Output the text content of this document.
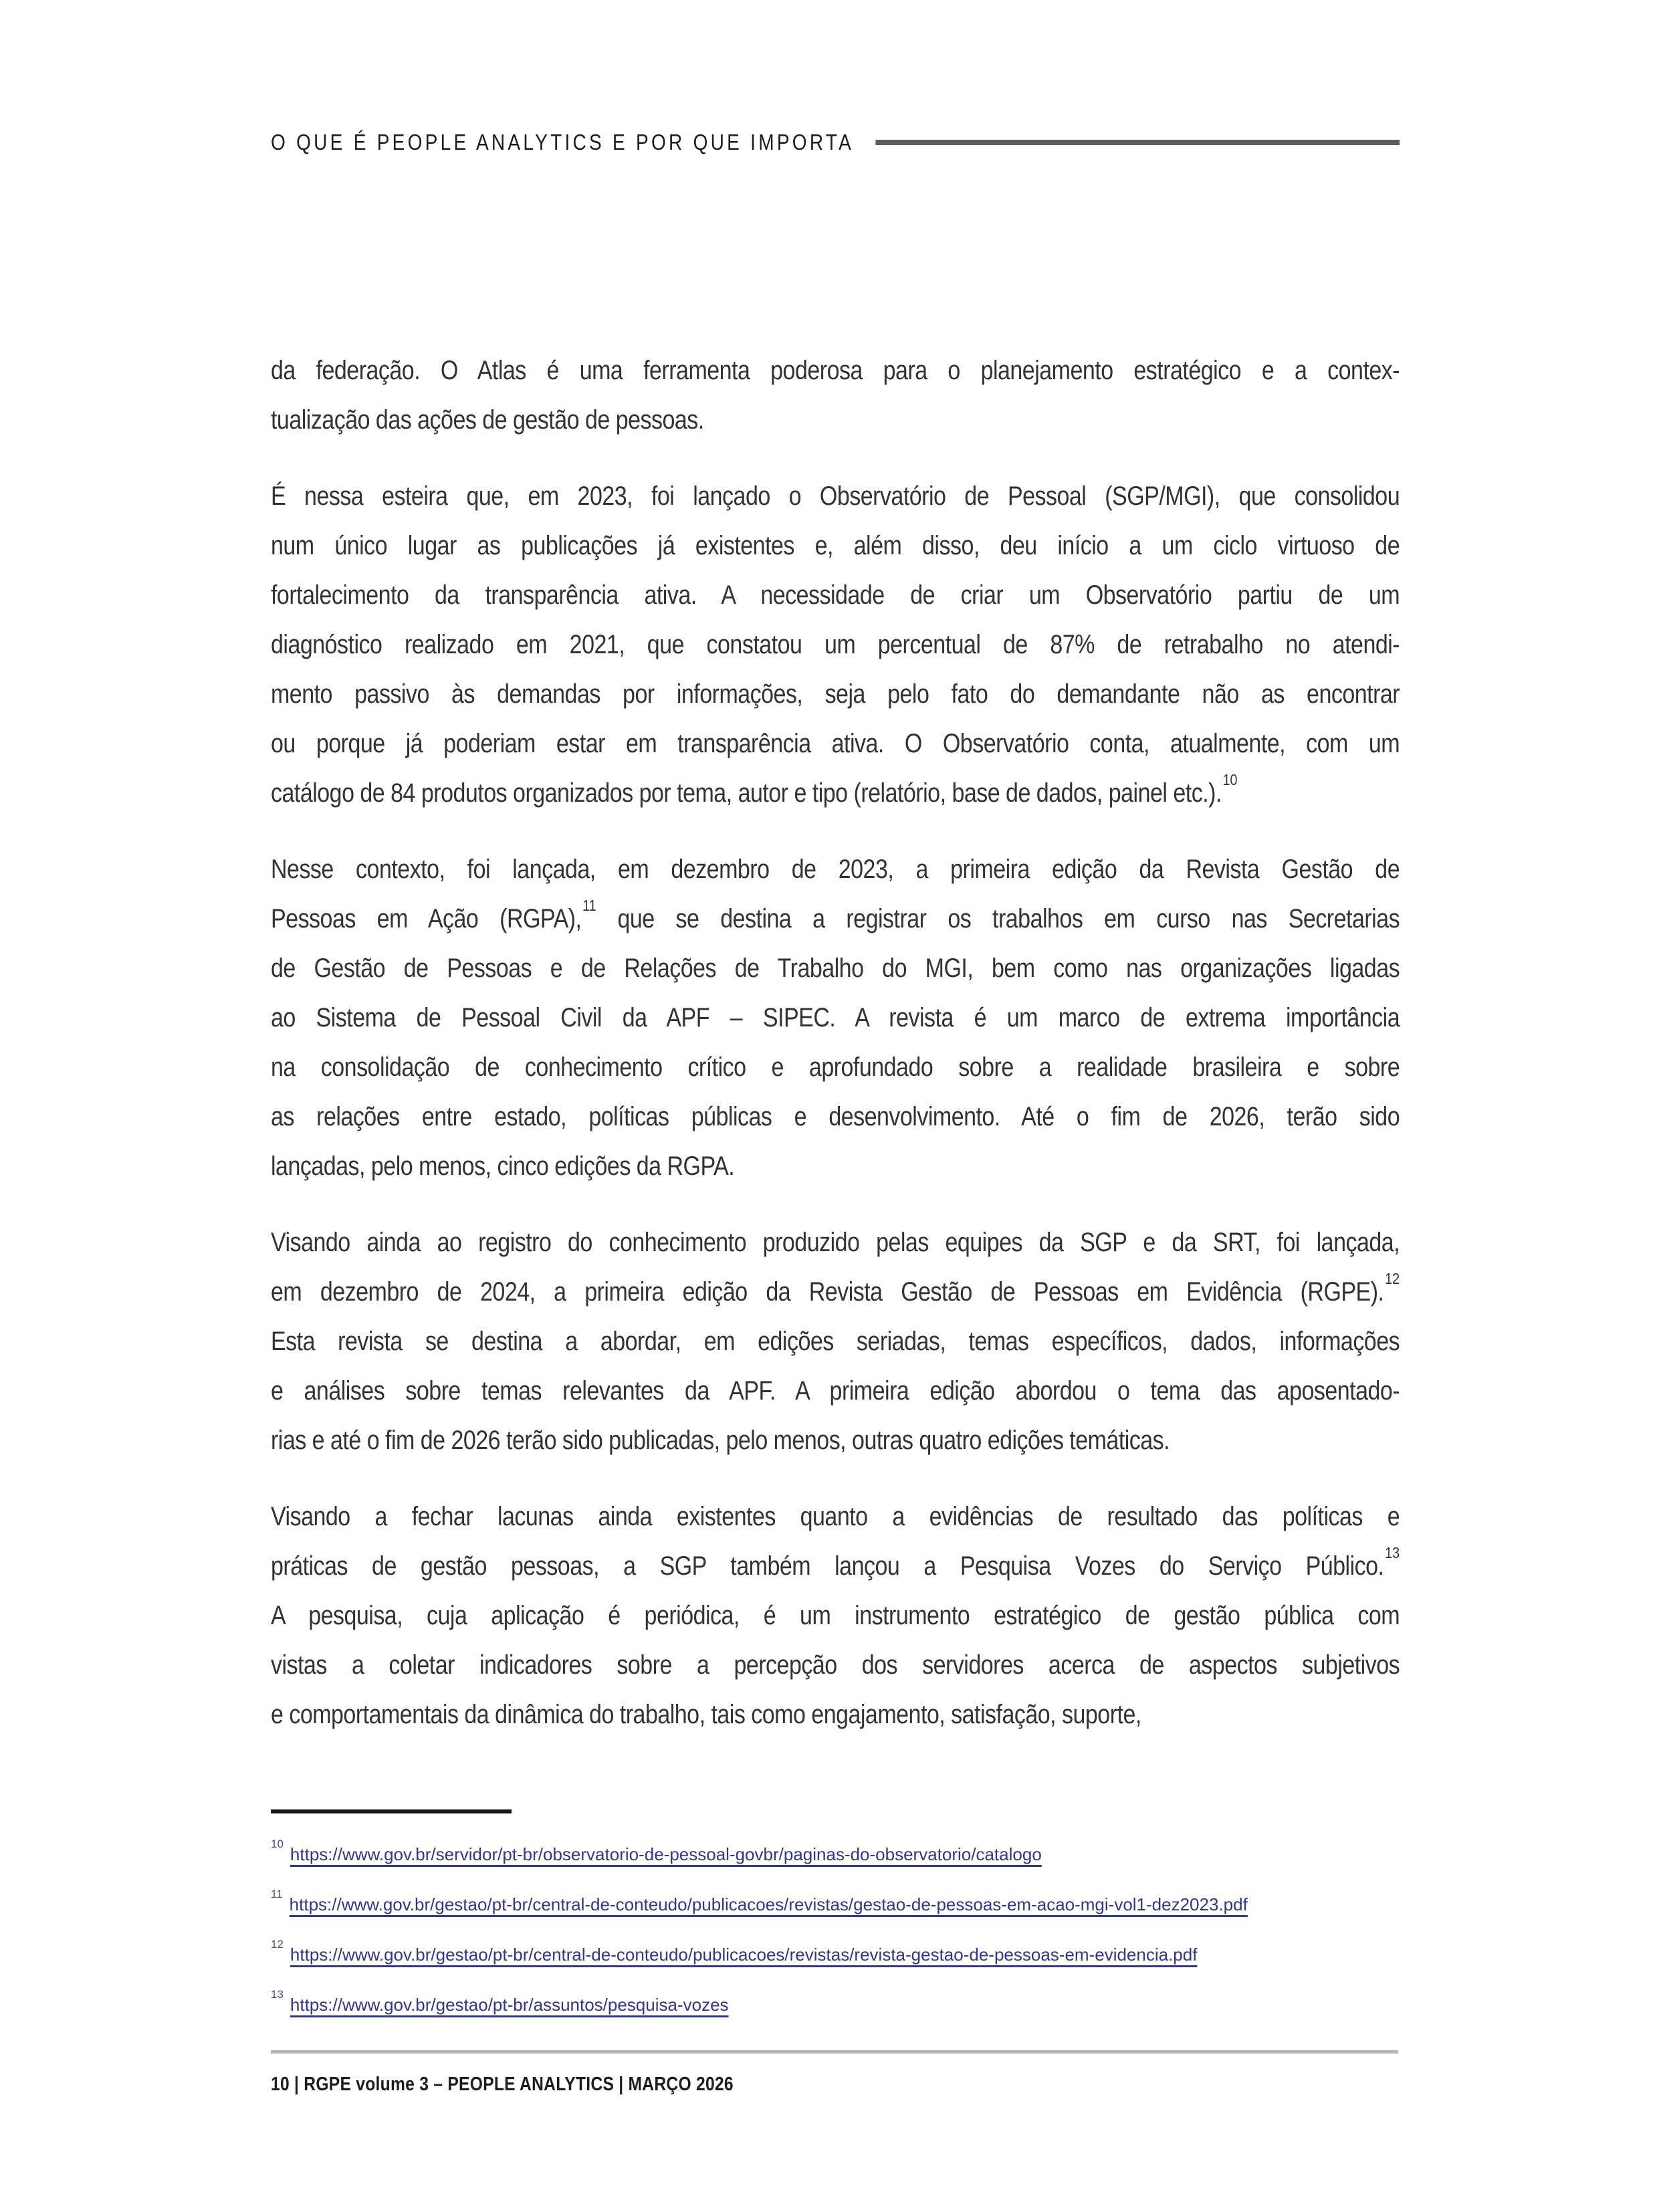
O QUE É PEOPLE ANALYTICS E POR QUE IMPORTA
da federação. O Atlas é uma ferramenta poderosa para o planejamento estratégico e a contex-
tualização das ações de gestão de pessoas.
É nessa esteira que, em 2023, foi lançado o Observatório de Pessoal (SGP/MGI), que consolidou
num único lugar as publicações já existentes e, além disso, deu início a um ciclo virtuoso de
fortalecimento da transparência ativa. A necessidade de criar um Observatório partiu de um
diagnóstico realizado em 2021, que constatou um percentual de 87% de retrabalho no atendi-
mento passivo às demandas por informações, seja pelo fato do demandante não as encontrar
ou porque já poderiam estar em transparência ativa. O Observatório conta, atualmente, com um
catálogo de 84 produtos organizados por tema, autor e tipo (relatório, base de dados, painel etc.).$^{10}$
Nesse contexto, foi lançada, em dezembro de 2023, a primeira edição da Revista Gestão de
Pessoas em Ação (RGPA),$^{11}$ que se destina a registrar os trabalhos em curso nas Secretarias
de Gestão de Pessoas e de Relações de Trabalho do MGI, bem como nas organizações ligadas
ao Sistema de Pessoal Civil da APF – SIPEC. A revista é um marco de extrema importância
na consolidação de conhecimento crítico e aprofundado sobre a realidade brasileira e sobre
as relações entre estado, políticas públicas e desenvolvimento. Até o fim de 2026, terão sido
lançadas, pelo menos, cinco edições da RGPA.
Visando ainda ao registro do conhecimento produzido pelas equipes da SGP e da SRT, foi lançada,
em dezembro de 2024, a primeira edição da Revista Gestão de Pessoas em Evidência (RGPE).$^{12}$
Esta revista se destina a abordar, em edições seriadas, temas específicos, dados, informações
e análises sobre temas relevantes da APF. A primeira edição abordou o tema das aposentado-
rias e até o fim de 2026 terão sido publicadas, pelo menos, outras quatro edições temáticas.
Visando a fechar lacunas ainda existentes quanto a evidências de resultado das políticas e
práticas de gestão pessoas, a SGP também lançou a Pesquisa Vozes do Serviço Público.$^{13}$
A pesquisa, cuja aplicação é periódica, é um instrumento estratégico de gestão pública com
vistas a coletar indicadores sobre a percepção dos servidores acerca de aspectos subjetivos
e comportamentais da dinâmica do trabalho, tais como engajamento, satisfação, suporte,
$^{10}$https://www.gov.br/servidor/pt-br/observatorio-de-pessoal-govbr/paginas-do-observatorio/catalogo
$^{11}$https://www.gov.br/gestao/pt-br/central-de-conteudo/publicacoes/revistas/gestao-de-pessoas-em-acao-mgi-vol1-dez2023.pdf
$^{12}$https://www.gov.br/gestao/pt-br/central-de-conteudo/publicacoes/revistas/revista-gestao-de-pessoas-em-evidencia.pdf
$^{13}$https://www.gov.br/gestao/pt-br/assuntos/pesquisa-vozes
10 | RGPE volume 3 – PEOPLE ANALYTICS | MARÇO 2026
